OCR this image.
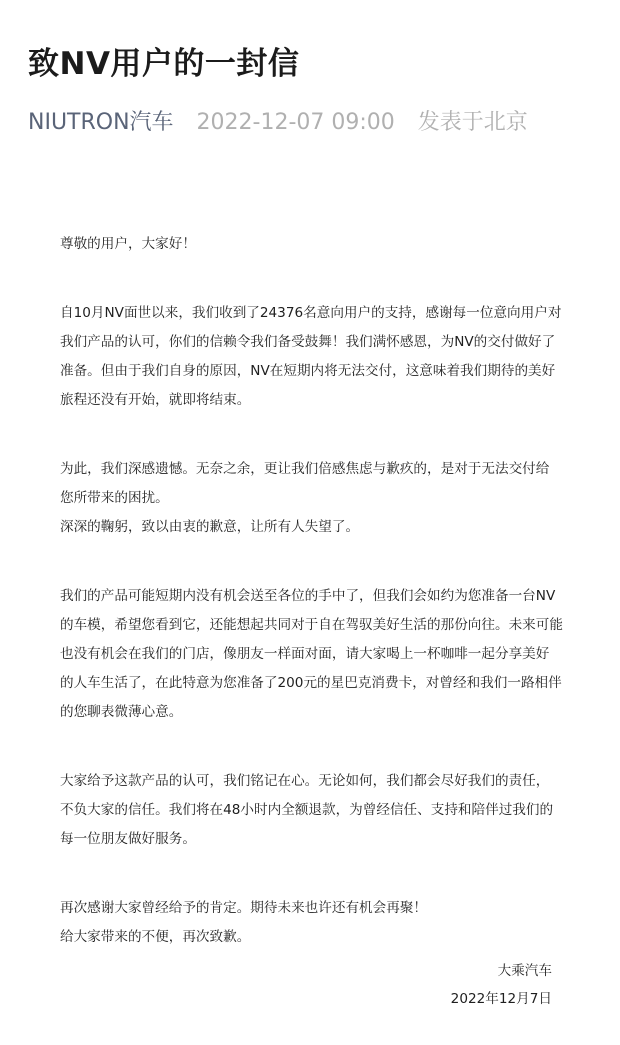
致NV用户的一封信
NIUTRON汽车 2022-12-07 09:00 发表于北京

尊敬的用户，大家好！

自10月NV面世以来，我们收到了24376名意向用户的支持，感谢每一位意向用户对
我们产品的认可，你们的信赖令我们备受鼓舞！我们满怀感恩，为NV的交付做好了
准备。但由于我们自身的原因，NV在短期内将无法交付，这意味着我们期待的美好
旅程还没有开始，就即将结束。

为此，我们深感遗憾。无奈之余，更让我们倍感焦虑与歉疚的，是对于无法交付给
您所带来的困扰。
深深的鞠躬，致以由衷的歉意，让所有人失望了。

我们的产品可能短期内没有机会送至各位的手中了，但我们会如约为您准备一台NV
的车模，希望您看到它，还能想起共同对于自在驾驭美好生活的那份向往。未来可能
也没有机会在我们的门店，像朋友一样面对面，请大家喝上一杯咖啡一起分享美好
的人车生活了，在此特意为您准备了200元的星巴克消费卡，对曾经和我们一路相伴
的您聊表微薄心意。

大家给予这款产品的认可，我们铭记在心。无论如何，我们都会尽好我们的责任，
不负大家的信任。我们将在48小时内全额退款，为曾经信任、支持和陪伴过我们的
每一位朋友做好服务。

再次感谢大家曾经给予的肯定。期待未来也许还有机会再聚！
给大家带来的不便，再次致歉。

大乘汽车
2022年12月7日
